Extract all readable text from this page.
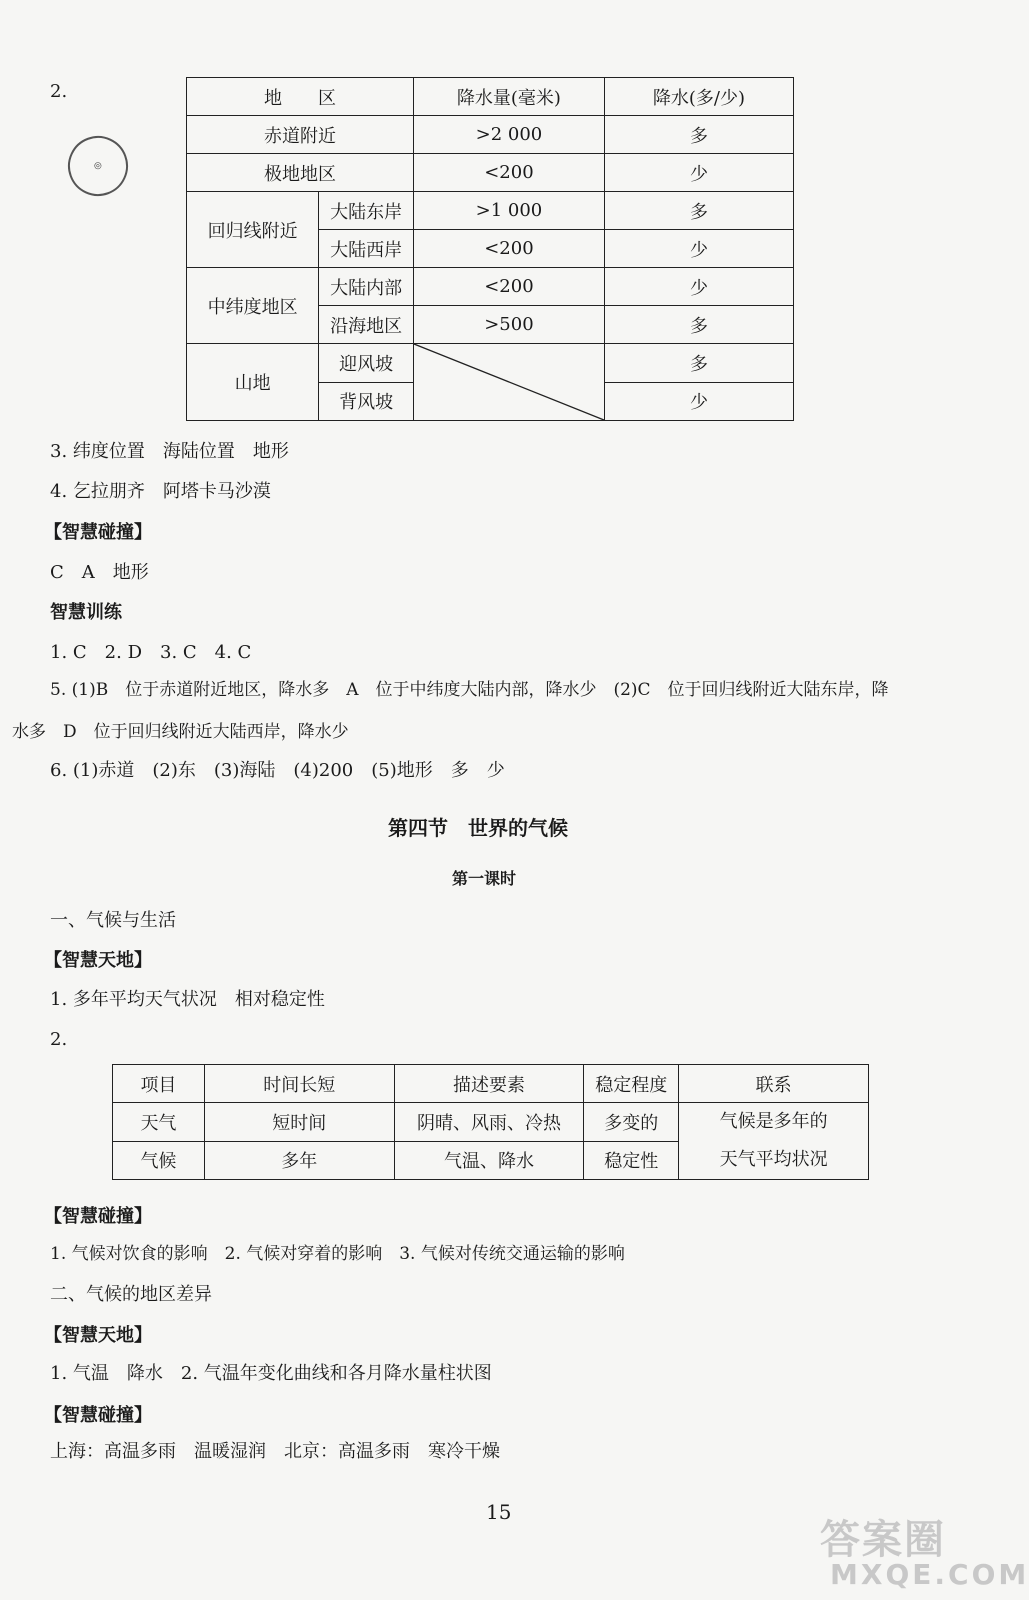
◎
2.	地　　区		降水量(毫米)	降水(多/少)
赤道附近		>2 000	多
极地地区		<200	少
回归线附近	大陆东岸	>1 000	多
	大陆西岸	<200	少
中纬度地区	大陆内部	<200	少
	沿海地区	>500	多
山地	迎风坡		多
	背风坡		少
3. 纬度位置　海陆位置　地形
4. 乞拉朋齐　阿塔卡马沙漠
【智慧碰撞】
C　A　地形
智慧训练
1. C　2. D　3. C　4. C
5. (1)B　位于赤道附近地区，降水多　A　位于中纬度大陆内部，降水少　(2)C　位于回归线附近大陆东岸，降
水多　D　位于回归线附近大陆西岸，降水少
6. (1)赤道　(2)东　(3)海陆　(4)200　(5)地形　多　少
第四节　世界的气候
第一课时
一、气候与生活
【智慧天地】
1. 多年平均天气状况　相对稳定性
2.
项目	时间长短	描述要素	稳定程度	联系
天气	短时间	阴晴、风雨、冷热	多变的	气候是多年的
天气平均状况

气候	多年	气温、降水	稳定性	
【智慧碰撞】
1. 气候对饮食的影响　2. 气候对穿着的影响　3. 气候对传统交通运输的影响
二、气候的地区差异
【智慧天地】
1. 气温　降水　2. 气温年变化曲线和各月降水量柱状图
【智慧碰撞】
上海：高温多雨　温暖湿润　北京：高温多雨　寒冷干燥
15
答案圈
MXQE.COM
